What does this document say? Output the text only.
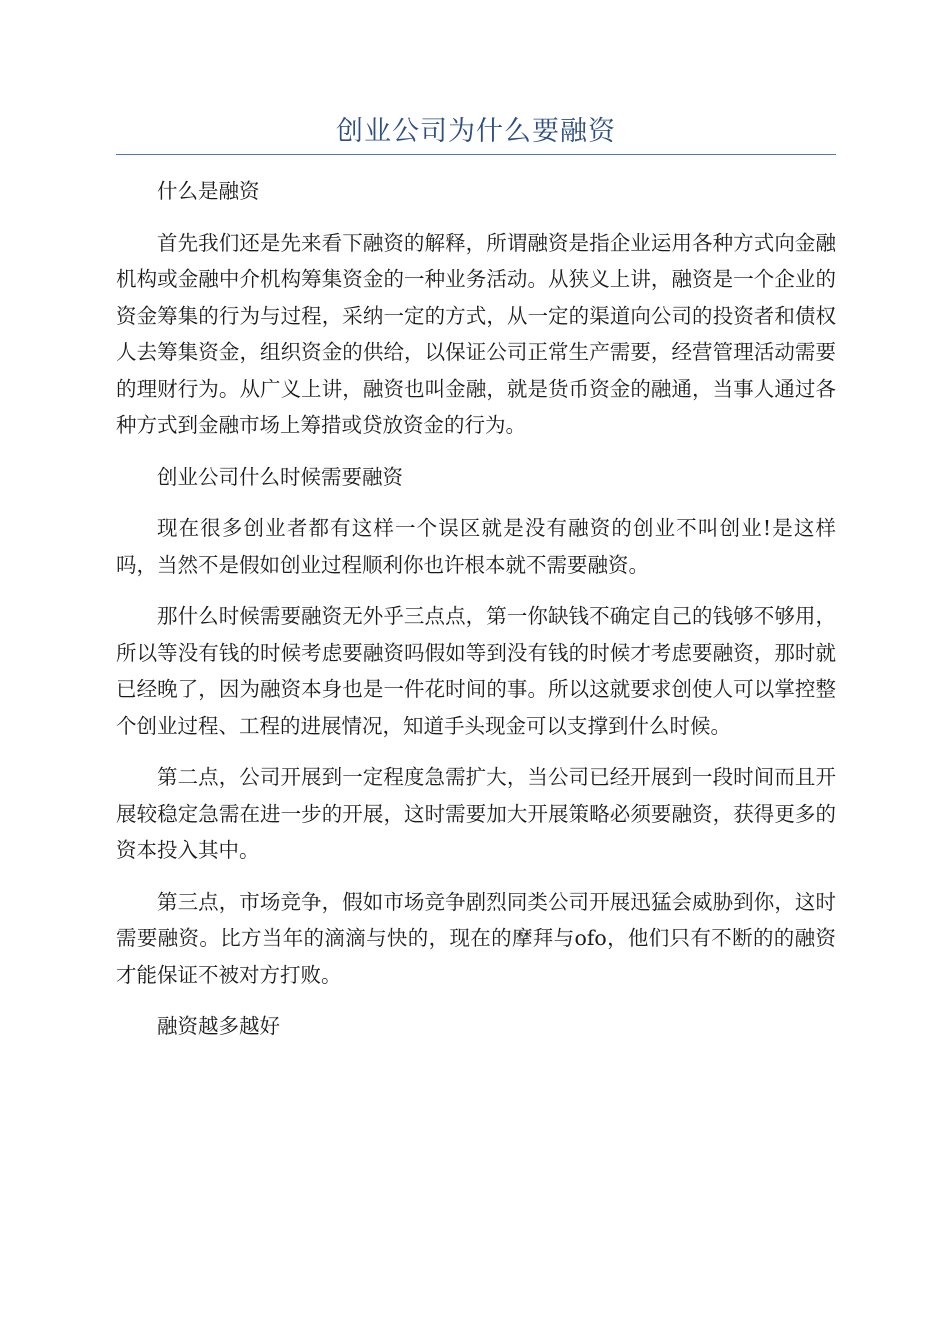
创业公司为什么要融资

什么是融资

首先我们还是先来看下融资的解释，所谓融资是指企业运用各种方式向金融机构或金融中介机构筹集资金的一种业务活动。从狭义上讲，融资是一个企业的资金筹集的行为与过程，采纳一定的方式，从一定的渠道向公司的投资者和债权人去筹集资金，组织资金的供给，以保证公司正常生产需要，经营管理活动需要的理财行为。从广义上讲，融资也叫金融，就是货币资金的融通，当事人通过各种方式到金融市场上筹措或贷放资金的行为。

创业公司什么时候需要融资

现在很多创业者都有这样一个误区就是没有融资的创业不叫创业!是这样吗，当然不是假如创业过程顺利你也许根本就不需要融资。

那什么时候需要融资无外乎三点点，第一你缺钱不确定自己的钱够不够用，所以等没有钱的时候考虑要融资吗假如等到没有钱的时候才考虑要融资，那时就已经晚了，因为融资本身也是一件花时间的事。所以这就要求创使人可以掌控整个创业过程、工程的进展情况，知道手头现金可以支撑到什么时候。

第二点，公司开展到一定程度急需扩大，当公司已经开展到一段时间而且开展较稳定急需在进一步的开展，这时需要加大开展策略必须要融资，获得更多的资本投入其中。

第三点，市场竞争，假如市场竞争剧烈同类公司开展迅猛会威胁到你，这时需要融资。比方当年的滴滴与快的，现在的摩拜与ofo，他们只有不断的的融资才能保证不被对方打败。

融资越多越好
